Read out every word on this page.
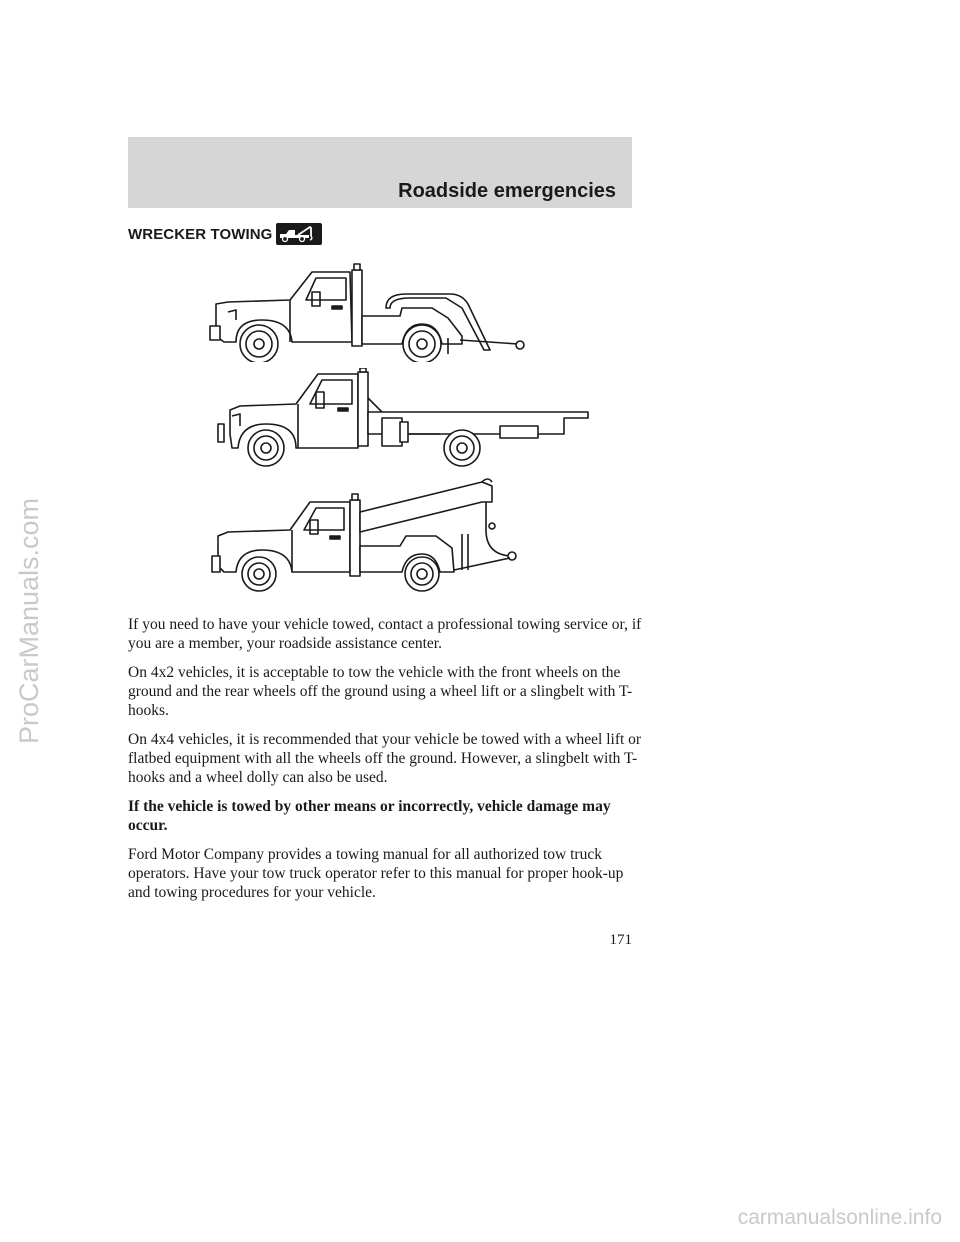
Roadside emergencies
WRECKER TOWING

If you need to have your vehicle towed, contact a professional towing service or, if you are a member, your roadside assistance center.

On 4x2 vehicles, it is acceptable to tow the vehicle with the front wheels on the ground and the rear wheels off the ground using a wheel lift or a slingbelt with T-hooks.

On 4x4 vehicles, it is recommended that your vehicle be towed with a wheel lift or flatbed equipment with all the wheels off the ground. However, a slingbelt with T-hooks and a wheel dolly can also be used.

If the vehicle is towed by other means or incorrectly, vehicle damage may occur.

Ford Motor Company provides a towing manual for all authorized tow truck operators. Have your tow truck operator refer to this manual for proper hook-up and towing procedures for your vehicle.

171
ProCarManuals.com
carmanualsonline.info
